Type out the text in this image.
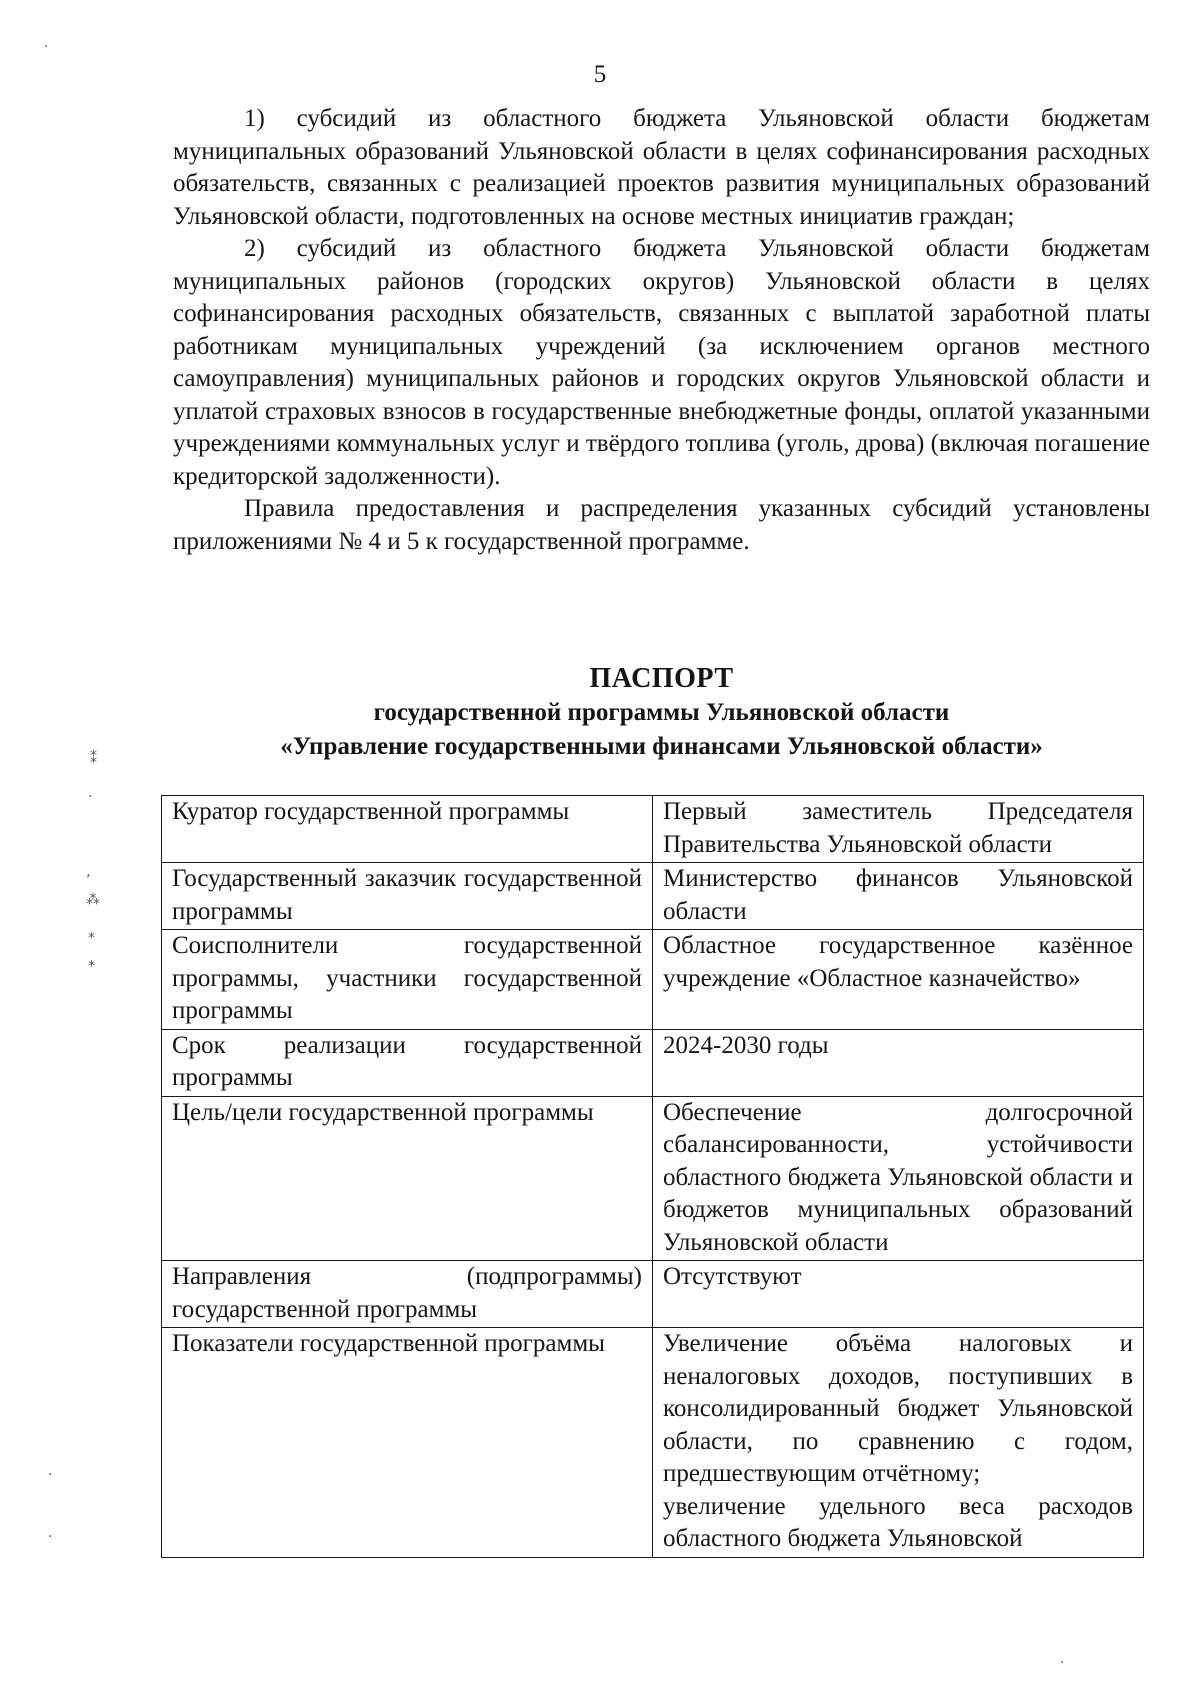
5

1) субсидий из областного бюджета Ульяновской области бюджетам муниципальных образований Ульяновской области в целях софинансирования расходных обязательств, связанных с реализацией проектов развития муниципальных образований Ульяновской области, подготовленных на основе местных инициатив граждан;

2) субсидий из областного бюджета Ульяновской области бюджетам муниципальных районов (городских округов) Ульяновской области в целях софинансирования расходных обязательств, связанных с выплатой заработной платы работникам муниципальных учреждений (за исключением органов местного самоуправления) муниципальных районов и городских округов Ульяновской области и уплатой страховых взносов в государственные внебюджетные фонды, оплатой указанными учреждениями коммунальных услуг и твёрдого топлива (уголь, дрова) (включая погашение кредиторской задолженности).

Правила предоставления и распределения указанных субсидий установлены приложениями № 4 и 5 к государственной программе.

ПАСПОРТ
государственной программы Ульяновской области
«Управление государственными финансами Ульяновской области»
Куратор государственной программы	Первый заместитель Председателя Правительства Ульяновской области
Государственный заказчик государственной программы	Министерство финансов Ульяновской области
Соисполнители государственной программы, участники государственной программы	Областное государственное казённое учреждение «Областное казначейство»
Срок реализации государственной программы	2024-2030 годы
Цель/цели государственной программы	Обеспечение долгосрочной сбалансированности, устойчивости областного бюджета Ульяновской области и бюджетов муниципальных образований Ульяновской области
Направления (подпрограммы) государственной программы	Отсутствуют
Показатели государственной программы	Увеличение объёма налоговых и неналоговых доходов, поступивших в консолидированный бюджет Ульяновской области, по сравнению с годом, предшествующим отчётному;
увеличение удельного веса расходов областного бюджета Ульяновской
·
⁑
·
‚
⁂
⁎
⁎
·
·
·
